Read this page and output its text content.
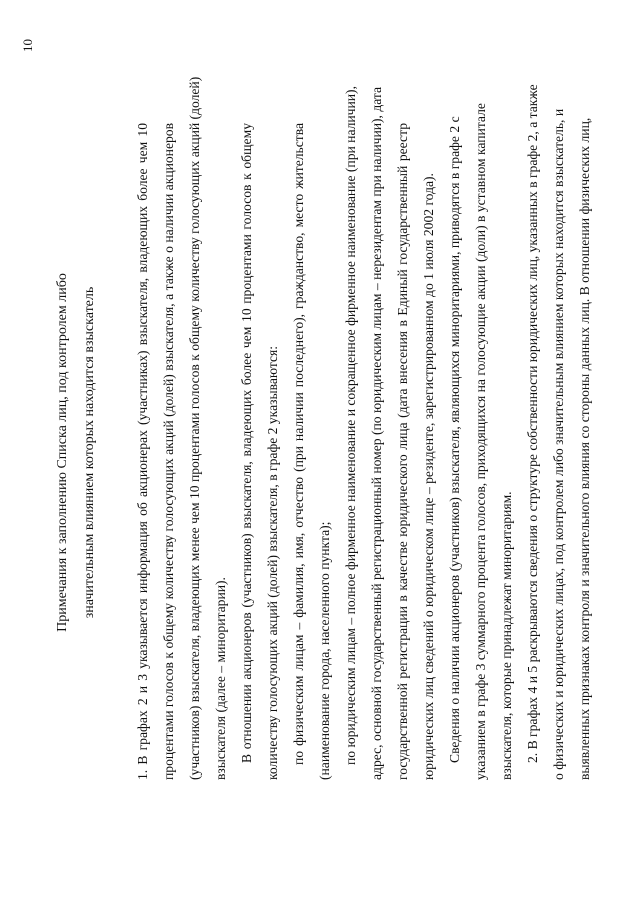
10
Примечания к заполнению Списка лиц, под контролем либо значительным влиянием которых находится взыскатель	1. В графах 2 и 3 указывается информация об акционерах (участниках) взыскателя, владеющих более чем 10 процентами голосов к общему количеству голосующих акций (долей) взыскателя, а также о наличии акционеров (участников) взыскателя, владеющих менее чем 10 процентами голосов к общему количеству голосующих акций (долей) взыскателя (далее – миноритарии). В отношении акционеров (участников) взыскателя, владеющих более чем 10 процентами голосов к общему количеству голосующих акций (долей) взыскателя, в графе 2 указываются: по физическим лицам – фамилия, имя, отчество (при наличии последнего), гражданство, место жительства (наименование города, населенного пункта); по юридическим лицам – полное фирменное наименование и сокращенное фирменное наименование (при наличии), адрес, основной государственный регистрационный номер (по юридическим лицам – нерезидентам при наличии), дата государственной регистрации в качестве юридического лица (дата внесения в Единый государственный реестр юридических лиц сведений о юридическом лице – резиденте, зарегистрированном до 1 июля 2002 года). Сведения о наличии акционеров (участников) взыскателя, являющихся миноритариями, приводятся в графе 2 с указанием в графе 3 суммарного процента голосов, приходящихся на голосующие акции (доли) в уставном капитале взыскателя, которые принадлежат миноритариям. 2. В графах 4 и 5 раскрываются сведения о структуре собственности юридических лиц, указанных в графе 2, а также о физических и юридических лицах, под контролем либо значительным влиянием которых находится взыскатель, и выявленных признаках контроля и значительного влияния со стороны данных лиц. В отношении физических лиц,
